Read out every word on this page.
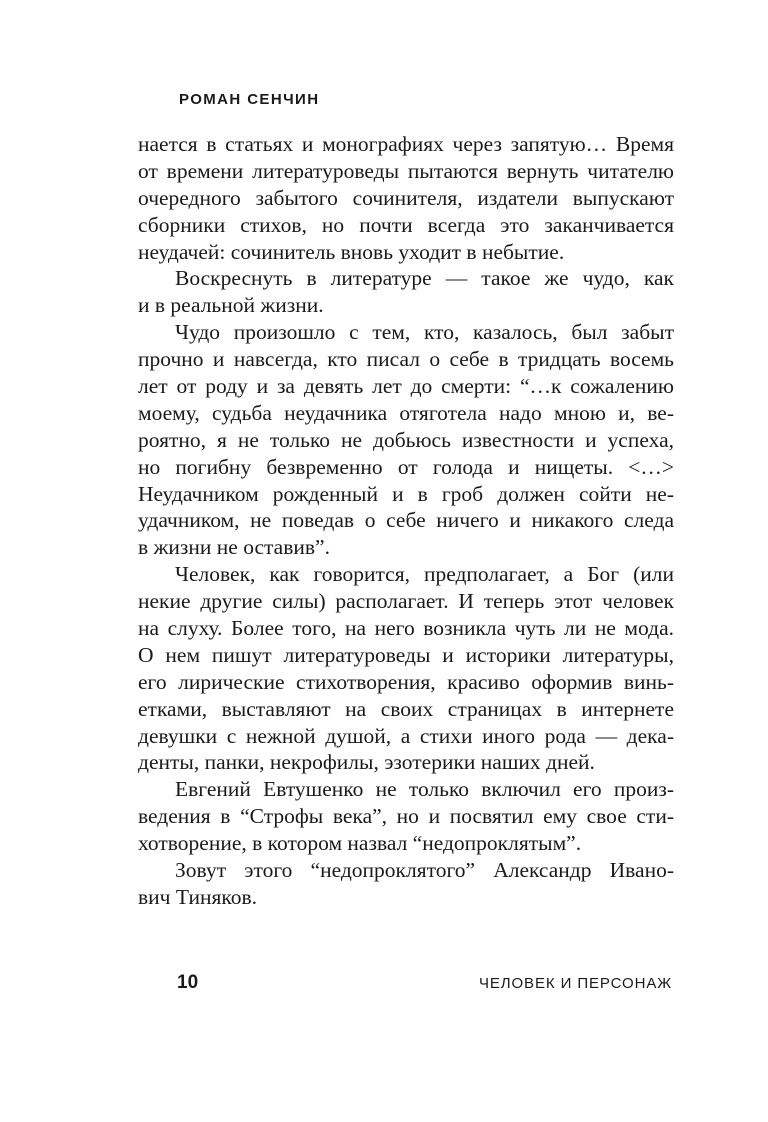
РОМАН СЕНЧИН
нается в статьях и монографиях через запятую… Время
от времени литературоведы пытаются вернуть читателю
очередного забытого сочинителя, издатели выпускают
сборники стихов, но почти всегда это заканчивается
неудачей: сочинитель вновь уходит в небытие.
Воскреснуть в литературе — такое же чудо, как
и в реальной жизни.
Чудо произошло с тем, кто, казалось, был забыт
прочно и навсегда, кто писал о себе в тридцать восемь
лет от роду и за девять лет до смерти: “…к сожалению
моему, судьба неудачника отяготела надо мною и, ве-
роятно, я не только не добьюсь известности и успеха,
но погибну безвременно от голода и нищеты. <…>
Неудачником рожденный и в гроб должен сойти не-
удачником, не поведав о себе ничего и никакого следа
в жизни не оставив”.
Человек, как говорится, предполагает, а Бог (или
некие другие силы) располагает. И теперь этот человек
на слуху. Более того, на него возникла чуть ли не мода.
О нем пишут литературоведы и историки литературы,
его лирические стихотворения, красиво оформив винь-
етками, выставляют на своих страницах в интернете
девушки с нежной душой, а стихи иного рода — дека-
денты, панки, некрофилы, эзотерики наших дней.
Евгений Евтушенко не только включил его произ-
ведения в “Строфы века”, но и посвятил ему свое сти-
хотворение, в котором назвал “недопроклятым”.
Зовут этого “недопроклятого” Александр Ивано-
вич Тиняков.
10	ЧЕЛОВЕК И ПЕРСОНАЖ
